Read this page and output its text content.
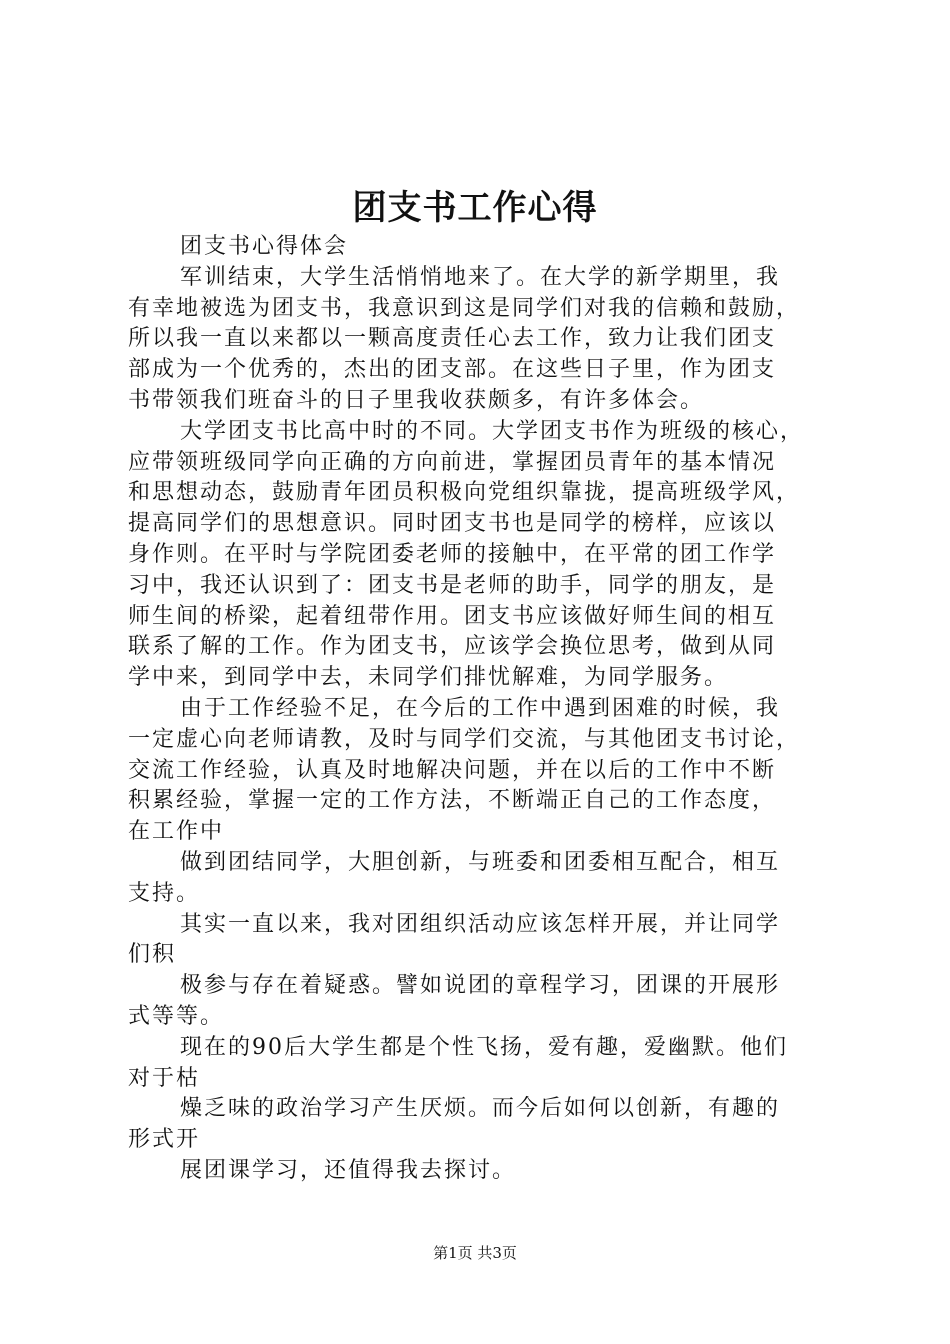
团支书工作心得
团支书心得体会
军训结束，大学生活悄悄地来了。在大学的新学期里，我
有幸地被选为团支书，我意识到这是同学们对我的信赖和鼓励，
所以我一直以来都以一颗高度责任心去工作，致力让我们团支
部成为一个优秀的，杰出的团支部。在这些日子里，作为团支
书带领我们班奋斗的日子里我收获颇多，有许多体会。
大学团支书比高中时的不同。大学团支书作为班级的核心，
应带领班级同学向正确的方向前进，掌握团员青年的基本情况
和思想动态，鼓励青年团员积极向党组织靠拢，提高班级学风，
提高同学们的思想意识。同时团支书也是同学的榜样，应该以
身作则。在平时与学院团委老师的接触中，在平常的团工作学
习中，我还认识到了：团支书是老师的助手，同学的朋友，是
师生间的桥梁，起着纽带作用。团支书应该做好师生间的相互
联系了解的工作。作为团支书，应该学会换位思考，做到从同
学中来，到同学中去，未同学们排忧解难，为同学服务。
由于工作经验不足，在今后的工作中遇到困难的时候，我
一定虚心向老师请教，及时与同学们交流，与其他团支书讨论，
交流工作经验，认真及时地解决问题，并在以后的工作中不断
积累经验，掌握一定的工作方法，不断端正自己的工作态度，
在工作中
做到团结同学，大胆创新，与班委和团委相互配合，相互
支持。
其实一直以来，我对团组织活动应该怎样开展，并让同学
们积
极参与存在着疑惑。譬如说团的章程学习，团课的开展形
式等等。
现在的90后大学生都是个性飞扬，爱有趣，爱幽默。他们
对于枯
燥乏味的政治学习产生厌烦。而今后如何以创新，有趣的
形式开
展团课学习，还值得我去探讨。
第1页 共3页
